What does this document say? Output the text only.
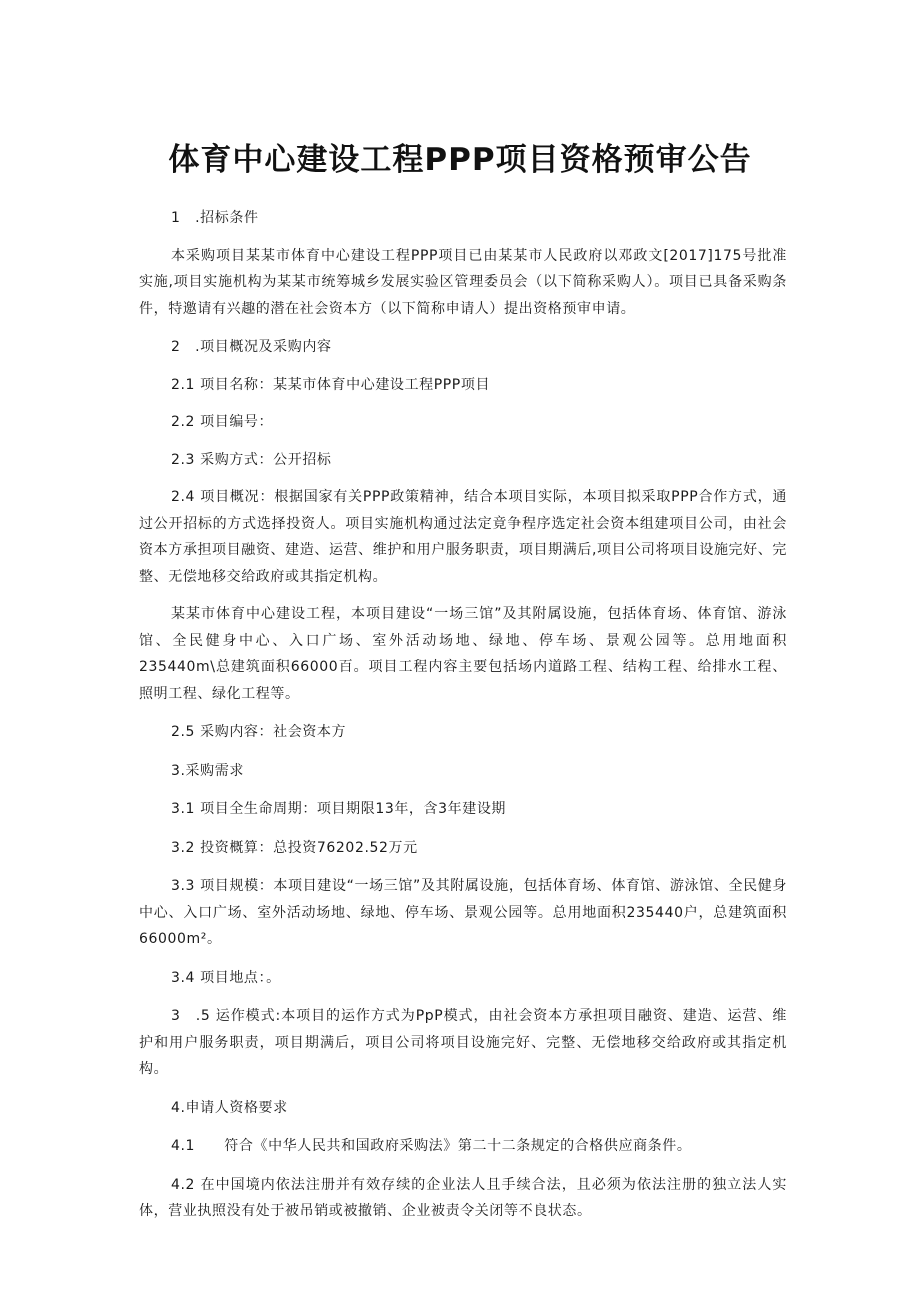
体育中心建设工程PPP项目资格预审公告

1　.招标条件

本采购项目某某市体育中心建设工程PPP项目已由某某市人民政府以邓政文[2017]175号批准实施,项目实施机构为某某市统筹城乡发展实验区管理委员会（以下简称采购人）。项目已具备采购条件，特邀请有兴趣的潜在社会资本方（以下简称申请人）提出资格预审申请。

2　.项目概况及采购内容

2.1 项目名称：某某市体育中心建设工程PPP项目

2.2 项目编号：

2.3 采购方式：公开招标

2.4 项目概况：根据国家有关PPP政策精神，结合本项目实际，本项目拟采取PPP合作方式，通过公开招标的方式选择投资人。项目实施机构通过法定竟争程序选定社会资本组建项目公司，由社会资本方承担项目融资、建造、运营、维护和用户服务职责，项目期满后,项目公司将项目设施完好、完整、无偿地移交给政府或其指定机构。

某某市体育中心建设工程，本项目建设“一场三馆”及其附属设施，包括体育场、体育馆、游泳馆、全民健身中心、入口广场、室外活动场地、绿地、停车场、景观公园等。总用地面积235440m\总建筑面积66000百。项目工程内容主要包括场内道路工程、结构工程、给排水工程、照明工程、绿化工程等。

2.5 采购内容：社会资本方

3.采购需求

3.1 项目全生命周期：项目期限13年，含3年建设期

3.2 投资概算：总投资76202.52万元

3.3 项目规模：本项目建设“一场三馆”及其附属设施，包括体育场、体育馆、游泳馆、全民健身中心、入口广场、室外活动场地、绿地、停车场、景观公园等。总用地面积235440户，总建筑面积66000m²。

3.4 项目地点：。

3　.5 运作模式:本项目的运作方式为PpP模式，由社会资本方承担项目融资、建造、运营、维护和用户服务职责，项目期满后，项目公司将项目设施完好、完整、无偿地移交给政府或其指定机构。

4.申请人资格要求

4.1　　符合《中华人民共和国政府采购法》第二十二条规定的合格供应商条件。

4.2 在中国境内依法注册并有效存续的企业法人且手续合法，且必须为依法注册的独立法人实体，营业执照没有处于被吊销或被撤销、企业被责令关闭等不良状态。
